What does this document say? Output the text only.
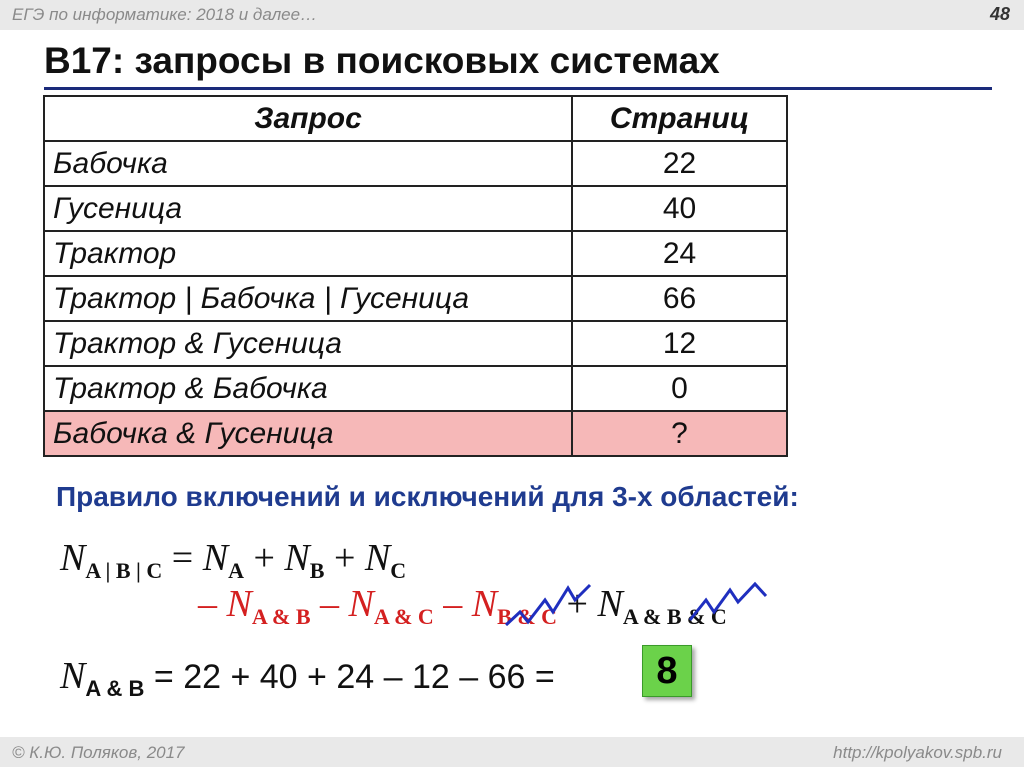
ЕГЭ по информатике: 2018 и далее…	48
B17: запросы в поисковых системах
Запрос	Страниц
Бабочка	22
Гусеница	40
Трактор	24
Трактор | Бабочка | Гусеница	66
Трактор & Гусеница	12
Трактор & Бабочка	0
Бабочка & Гусеница	?
Правило включений и исключений для 3-х областей:
$N_{A | B | C} = N_A + N_B + N_C$
– $N_{A \& B} - N_{A \& C} - N_{B \& C} + N_{A \& B \& C}$
$N_{A \& B} = 22 + 40 + 24 - 12 - 66$ =	8
© К.Ю. Поляков, 2017	http://kpolyakov.spb.ru
